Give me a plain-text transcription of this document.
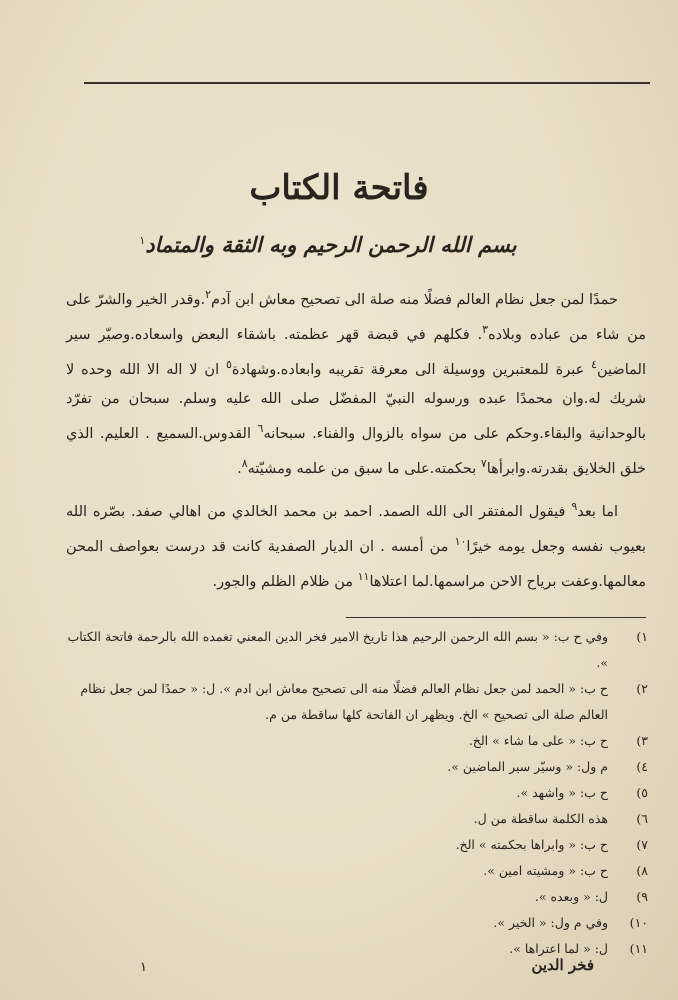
فاتحة الكتاب
بسم الله الرحمن الرحيم وبه الثقة والمتماد$^١$

حمدًا لمن جعل نظام العالم فضلًا منه صلة الى تصحيح معاش ابن آدم$^٢$.وقدر الخير والشرّ على من شاء من عباده وبلاده$^٣$. فكلهم في قبضة قهر عظمته. باشقاء البعض واسعاده.وصيّر سير الماضين$^٤$ عبرة للمعتبرين ووسيلة الى معرفة تقريبه وابعاده.وشهادة$^٥$ ان لا اله الا الله وحده لا شريك له.وان محمدًا عبده ورسوله النبيّ المفضّل صلى الله عليه وسلم. سبحان من تفرّد بالوحدانية والبقاء.وحكم على من سواه بالزوال والفناء. سبحانه$^٦$ القدوس.السميع . العليم. الذي خلق الخلايق بقدرته.وابرأها$^٧$ بحكمته.على ما سبق من علمه ومشيّته$^٨$.

اما بعد$^٩$ فيقول المفتقر الى الله الصمد. احمد بن محمد الخالدي من اهالي صفد. بصّره الله بعيوب نفسه وجعل يومه خيرًا$^{١٠}$ من أمسه . ان الديار الصفدية كانت قد درست بعواصف المحن معالمها.وعفت برياح الاحن مراسمها.لما اعتلاها$^{١١}$ من ظلام الظلم والجور.

١)
وفي ح ب: « بسم الله الرحمن الرحيم هذا تاريخ الامير فخر الدين المعني تغمده الله بالرحمة فاتحة الكتاب ».
٢)
ح ب: « الحمد لمن جعل نظام العالم فضلًا منه الى تصحيح معاش ابن ادم ». ل: « حمدًا لمن جعل نظام العالم صلة الى تصحيح » الخ. ويظهر ان الفاتحة كلها ساقطة من م.
٣)
ح ب: « على ما شاء » الخ.
٤)
م ول: « وسيّر سير الماضين ».
٥)
ح ب: « واشهد ».
٦)
هذه الكلمة ساقطة من ل.
٧)
ح ب: « وابراها بحكمته » الخ.
٨)
ح ب: « ومشيته امين ».
٩)
ل: « وبعده ».
١٠)
وفي م ول: « الخير ».
١١)
ل: « لما اعتراها ».
١	فخر الدين
